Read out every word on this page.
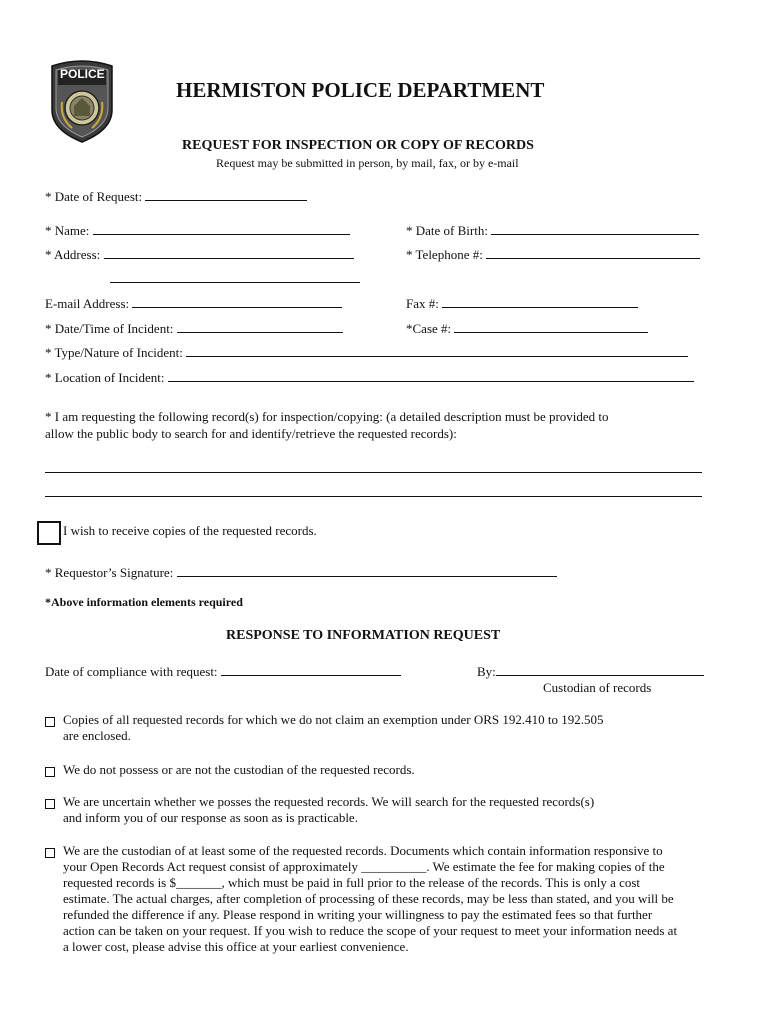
POLICE
HERMISTON POLICE DEPARTMENT
REQUEST FOR INSPECTION OR COPY OF RECORDS
Request may be submitted in person, by mail, fax, or by e-mail
* Date of Request:
* Name:	* Date of Birth:
* Address:	* Telephone #:
E-mail Address:	Fax #:
* Date/Time of Incident:	*Case #:
* Type/Nature of Incident:
* Location of Incident:
* I am requesting the following record(s) for inspection/copying: (a detailed description must be provided to
allow the public body to search for and identify/retrieve the requested records):
I wish to receive copies of the requested records.
* Requestor’s Signature:
*Above information elements required
RESPONSE TO INFORMATION REQUEST
Date of compliance with request:	By:
Custodian of records
Copies of all requested records for which we do not claim an exemption under ORS 192.410 to 192.505
are enclosed.
We do not possess or are not the custodian of the requested records.
We are uncertain whether we posses the requested records. We will search for the requested records(s)
and inform you of our response as soon as is practicable.
We are the custodian of at least some of the requested records. Documents which contain information responsive to
your Open Records Act request consist of approximately __________. We estimate the fee for making copies of the
requested records is $_______, which must be paid in full prior to the release of the records. This is only a cost
estimate. The actual charges, after completion of processing of these records, may be less than stated, and you will be
refunded the difference if any. Please respond in writing your willingness to pay the estimated fees so that further
action can be taken on your request. If you wish to reduce the scope of your request to meet your information needs at
a lower cost, please advise this office at your earliest convenience.
